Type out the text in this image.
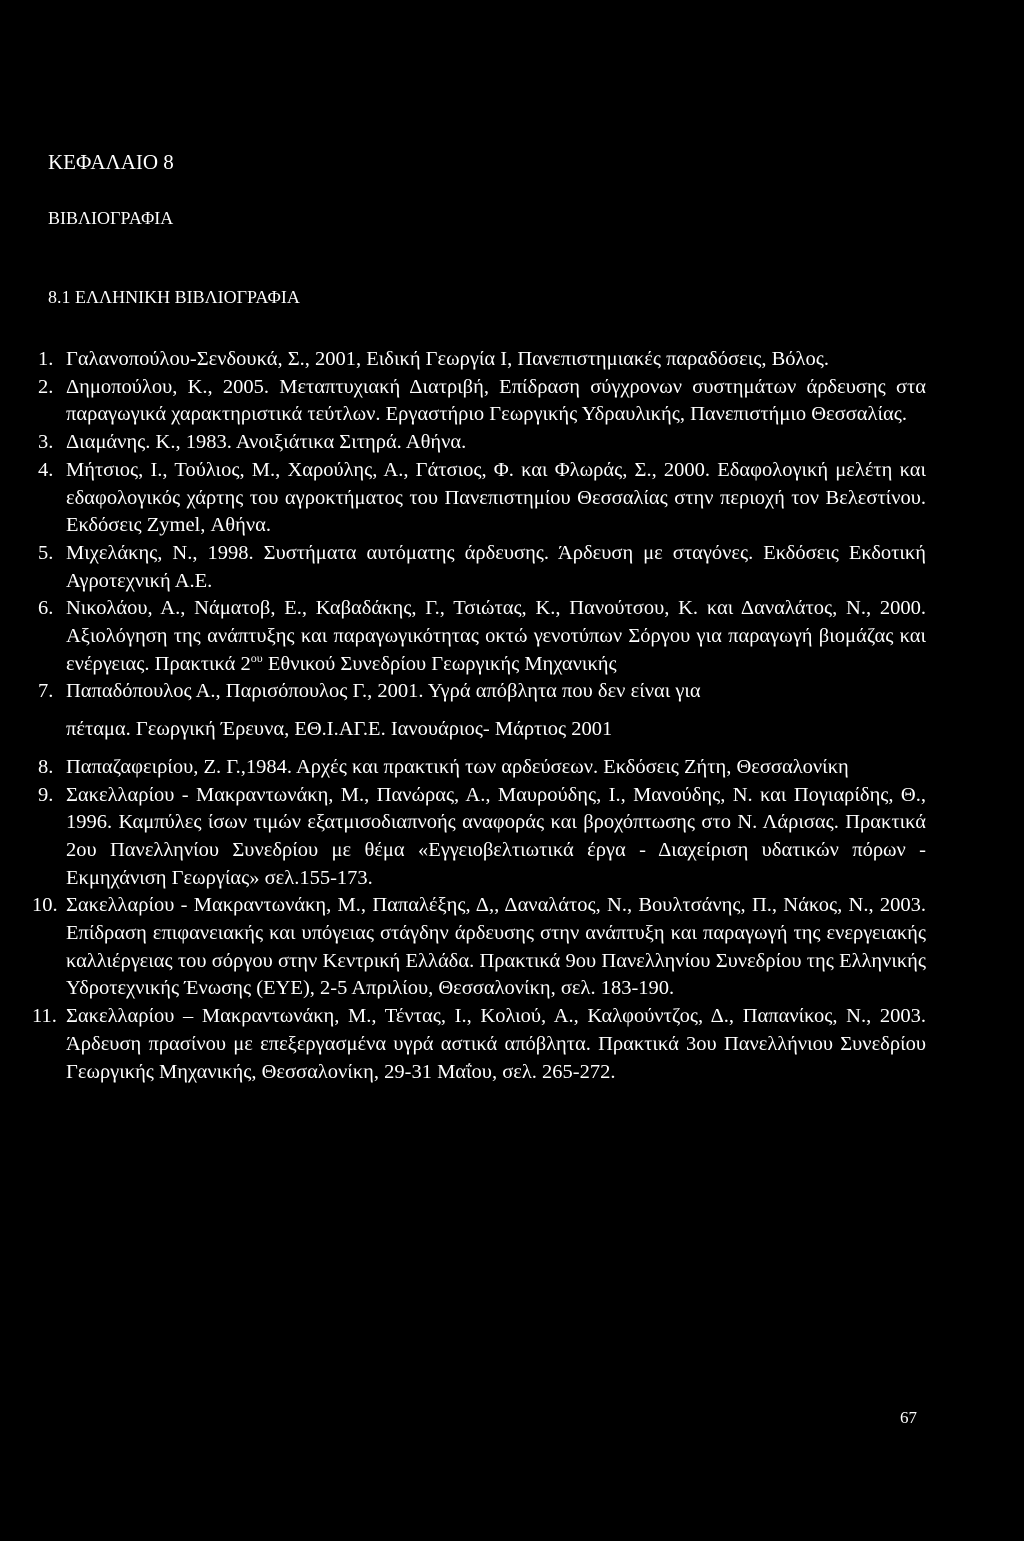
ΚΕΦΑΛΑΙΟ 8
ΒΙΒΛΙΟΓΡΑΦΙΑ
8.1 ΕΛΛΗΝΙΚΗ ΒΙΒΛΙΟΓΡΑΦΙΑ
1. Γαλανοπούλου-Σενδουκά, Σ., 2001, Ειδική Γεωργία Ι, Πανεπιστημιακές παραδόσεις, Βόλος.
2. Δημοπούλου, Κ., 2005. Μεταπτυχιακή Διατριβή, Επίδραση σύγχρονων συστημάτων άρδευσης στα παραγωγικά χαρακτηριστικά τεύτλων. Εργαστήριο Γεωργικής Υδραυλικής, Πανεπιστήμιο Θεσσαλίας.
3. Διαμάνης. Κ., 1983. Ανοιξιάτικα Σιτηρά. Αθήνα.
4. Μήτσιος, Ι., Τούλιος, Μ., Χαρούλης, Α., Γάτσιος, Φ. και Φλωράς, Σ., 2000. Εδαφολογική μελέτη και εδαφολογικός χάρτης του αγροκτήματος του Πανεπιστημίου Θεσσαλίας στην περιοχή τον Βελεστίνου. Εκδόσεις Zymel, Αθήνα.
5. Μιχελάκης, Ν., 1998. Συστήματα αυτόματης άρδευσης. Άρδευση με σταγόνες. Εκδόσεις Εκδοτική Αγροτεχνική Α.Ε.
6. Νικολάου, Α., Νάματοβ, Ε., Καβαδάκης, Γ., Τσιώτας, Κ., Πανούτσου, Κ. και Δαναλάτος, Ν., 2000. Αξιολόγηση της ανάπτυξης και παραγωγικότητας οκτώ γενοτύπων Σόργου για παραγωγή βιομάζας και ενέργειας. Πρακτικά $2^{o\upsilon}$ Εθνικού Συνεδρίου Γεωργικής Μηχανικής
7. Παπαδόπουλος Α., Παρισόπουλος Γ., 2001. Υγρά απόβλητα που δεν είναι για
πέταμα. Γεωργική Έρευνα, ΕΘ.Ι.ΑΓ.Ε. Ιανουάριος- Μάρτιος 2001
8. Παπαζαφειρίου, Ζ. Γ.,1984. Αρχές και πρακτική των αρδεύσεων. Εκδόσεις Ζήτη, Θεσσαλονίκη
9. Σακελλαρίου - Μακραντωνάκη, Μ., Πανώρας, Α., Μαυρούδης, Ι., Μανούδης, Ν. και Πογιαρίδης, Θ., 1996. Καμπύλες ίσων τιμών εξατμισοδιαπνοής αναφοράς και βροχόπτωσης στο Ν. Λάρισας. Πρακτικά 2ου Πανελληνίου Συνεδρίου με θέμα «Εγγειοβελτιωτικά έργα - Διαχείριση υδατικών πόρων - Εκμηχάνιση Γεωργίας» σελ.155-173.
10. Σακελλαρίου - Μακραντωνάκη, Μ., Παπαλέξης, Δ,, Δαναλάτος, Ν., Βουλτσάνης, Π., Νάκος, Ν., 2003. Επίδραση επιφανειακής και υπόγειας στάγδην άρδευσης στην ανάπτυξη και παραγωγή της ενεργειακής καλλιέργειας του σόργου στην Κεντρική Ελλάδα. Πρακτικά 9ου Πανελληνίου Συνεδρίου της Ελληνικής Υδροτεχνικής Ένωσης (ΕΥΕ), 2-5 Απριλίου, Θεσσαλονίκη, σελ. 183-190.
11. Σακελλαρίου – Μακραντωνάκη, Μ., Τέντας, Ι., Κολιού, Α., Καλφούντζος, Δ., Παπανίκος, Ν., 2003. Άρδευση πρασίνου με επεξεργασμένα υγρά αστικά απόβλητα. Πρακτικά 3ου Πανελλήνιου Συνεδρίου Γεωργικής Μηχανικής, Θεσσαλονίκη, 29-31 Μαΐου, σελ. 265-272.
67
